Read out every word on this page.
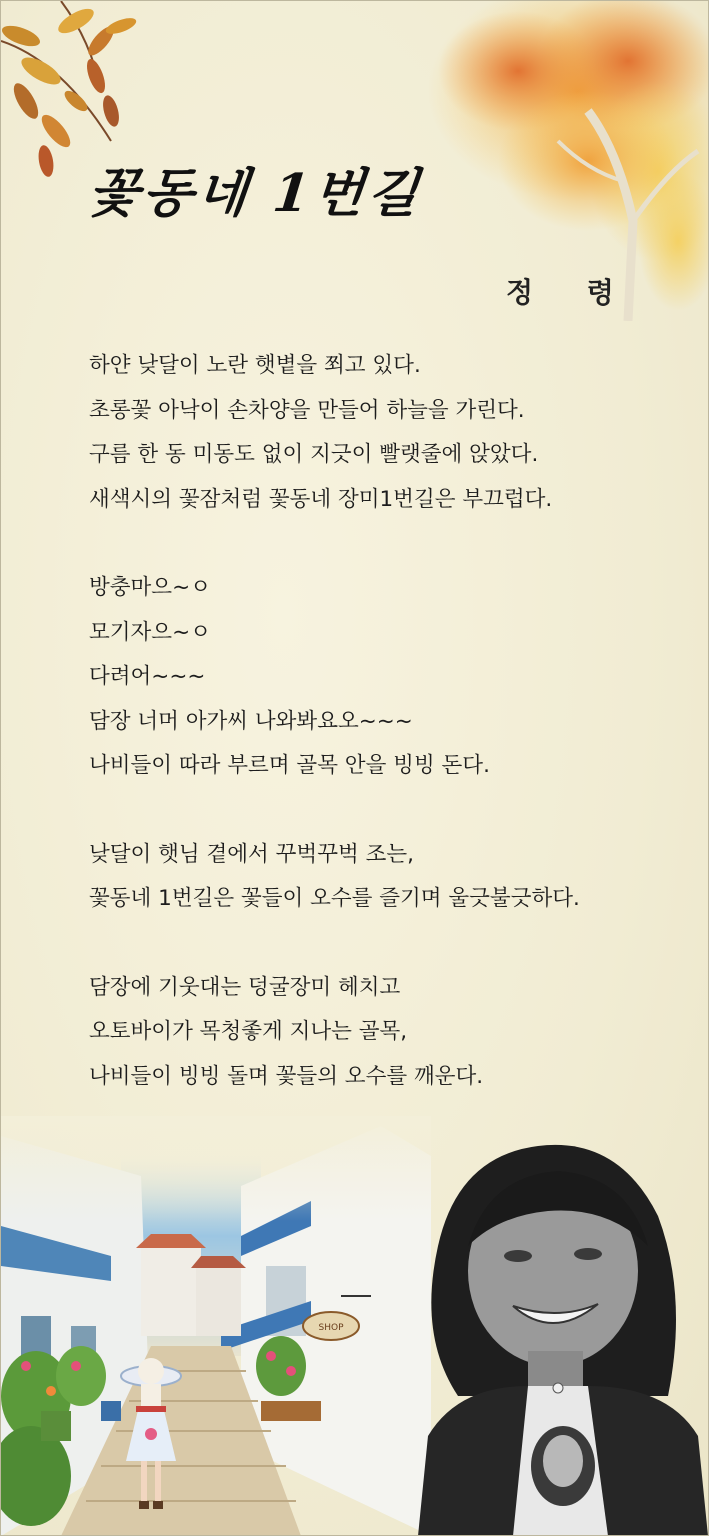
꽃동네 1번길
정 령
하얀 낮달이 노란 햇볕을 쬐고 있다.
초롱꽃 아낙이 손차양을 만들어 하늘을 가린다.
구름 한 동 미동도 없이 지긋이 빨랫줄에 앉았다.
새색시의 꽃잠처럼 꽃동네 장미1번길은 부끄럽다.
방충마으~ㅇ
모기자으~ㅇ
다려어~~~
담장 너머 아가씨 나와봐요오~~~
나비들이 따라 부르며 골목 안을 빙빙 돈다.
낮달이 햇님 곁에서 꾸벅꾸벅 조는,
꽃동네 1번길은 꽃들이 오수를 즐기며 울긋불긋하다.
담장에 기웃대는 덩굴장미 헤치고
오토바이가 목청좋게 지나는 골목,
나비들이 빙빙 돌며 꽃들의 오수를 깨운다.
